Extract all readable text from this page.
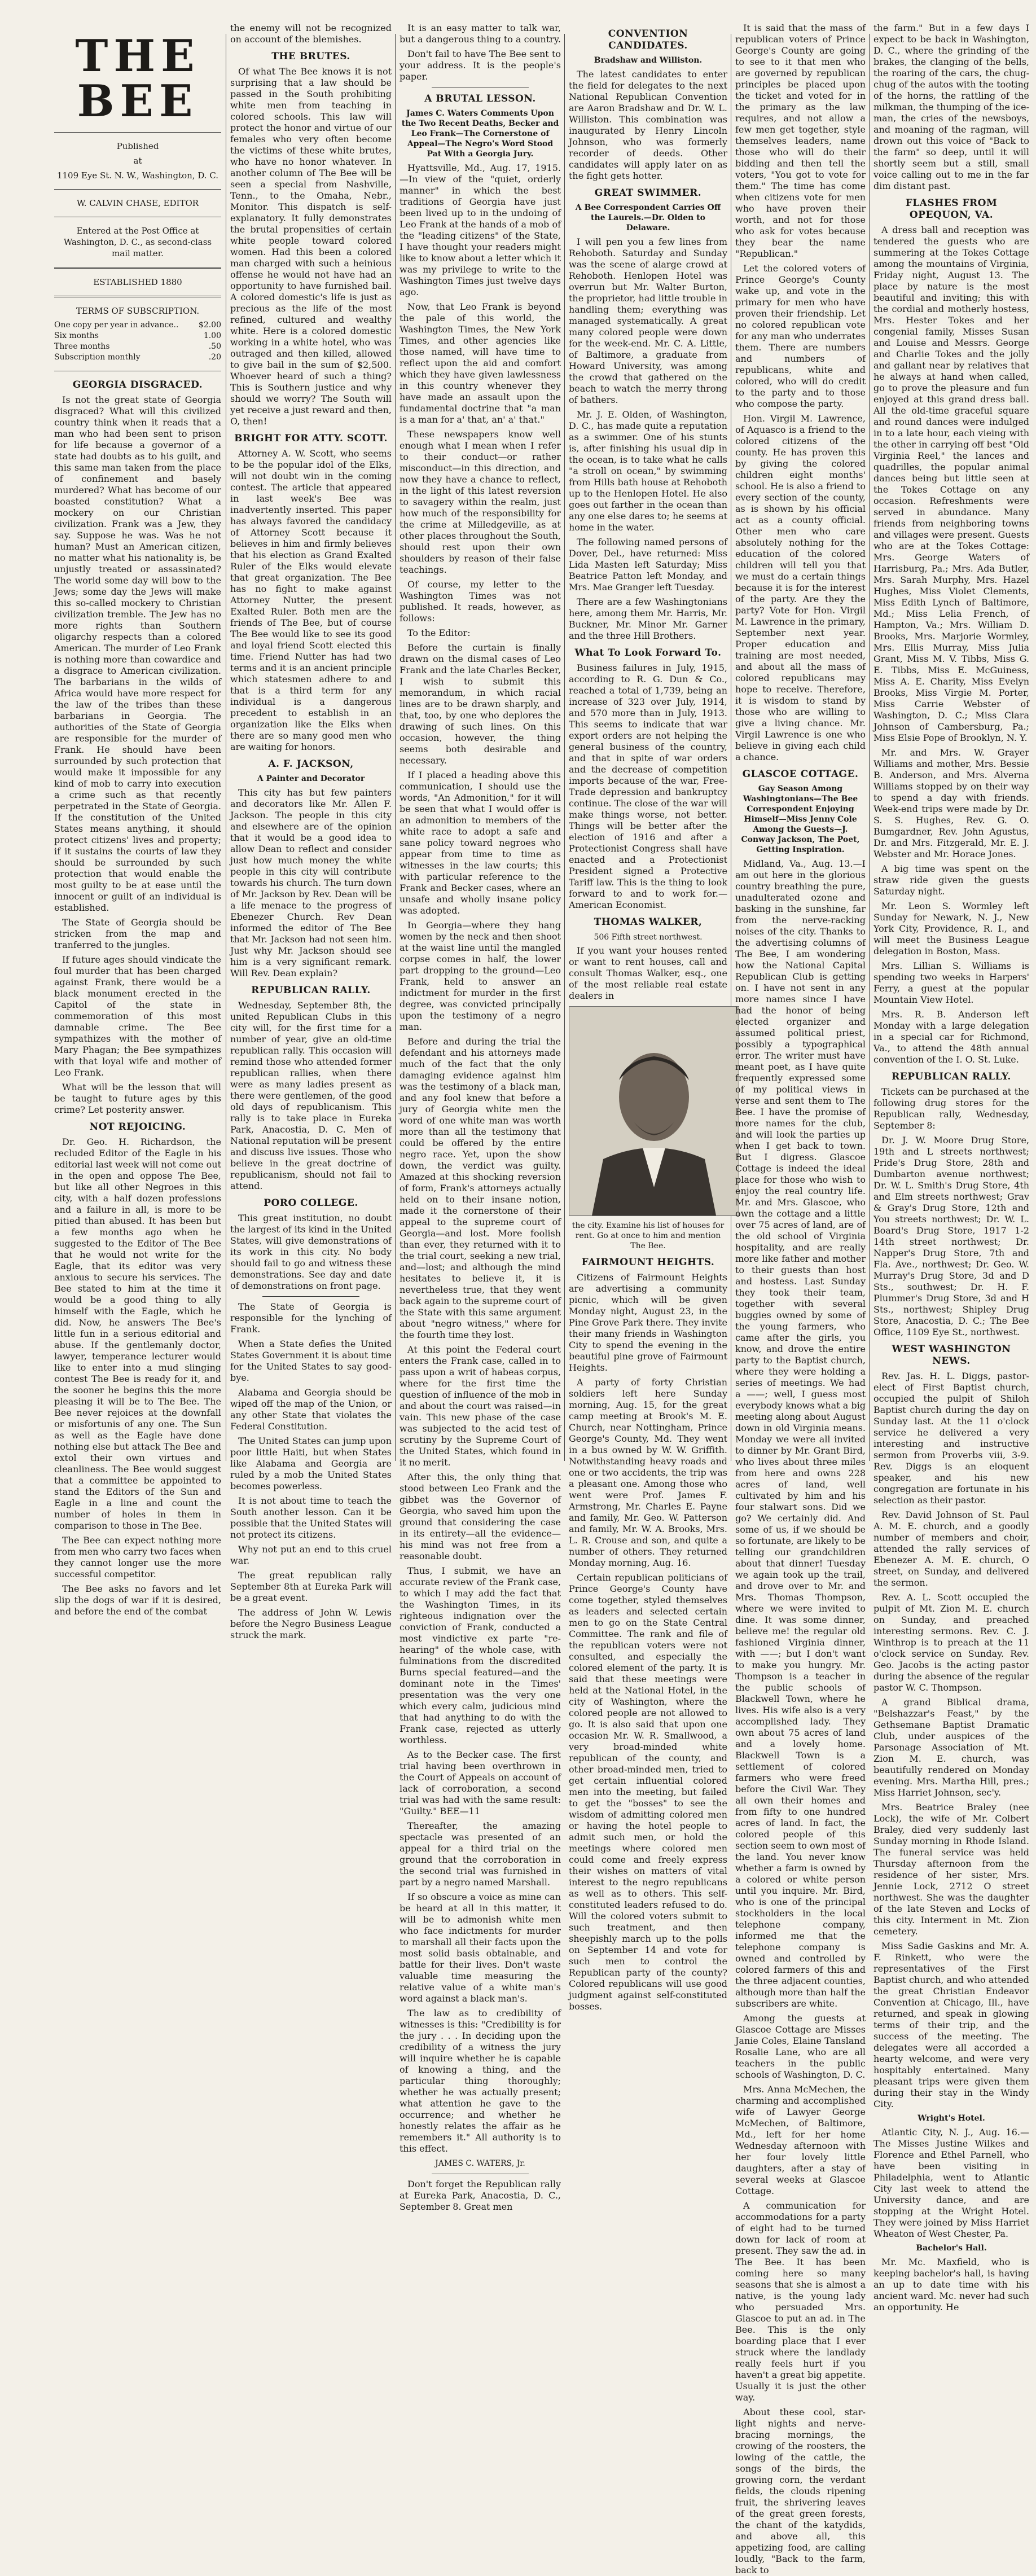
THE BEE
Published
at
1109 Eye St. N. W., Washington, D. C.
W. CALVIN CHASE, EDITOR
Entered at the Post Office at Washington, D. C., as second-class mail matter.
ESTABLISHED 1880
TERMS OF SUBSCRIPTION.
One copy per year in advance..	$2.00
Six months	1.00
Three months	.50
Subscription monthly	.20
GEORGIA DISGRACED.

Is not the great state of Georgia disgraced? What will this civilized country think when it reads that a man who had been sent to prison for life because a governor of a state had doubts as to his guilt, and this same man taken from the place of confinement and basely murdered? What has become of our boasted constitution? What a mockery on our Christian civilization. Frank was a Jew, they say. Suppose he was. Was he not human? Must an American citizen, no matter what his nationality is, be unjustly treated or assassinated? The world some day will bow to the Jews; some day the Jews will make this so-called mockery to Christian civilization tremble. The Jew has no more rights than Southern oligarchy respects than a colored American. The murder of Leo Frank is nothing more than cowardice and a disgrace to American civilization. The barbarians in the wilds of Africa would have more respect for the law of the tribes than these barbarians in Georgia. The authorities of the State of Georgia are responsible for the murder of Frank. He should have been surrounded by such protection that would make it impossible for any kind of mob to carry into execution a crime such as that recently perpetrated in the State of Georgia. If the constitution of the United States means anything, it should protect citizens' lives and property; if it sustains the courts of law they should be surrounded by such protection that would enable the most guilty to be at ease until the innocent or guilt of an individual is established.

The State of Georgia should be stricken from the map and tranferred to the jungles.

If future ages should vindicate the foul murder that has been charged against Frank, there would be a black monument erected in the Capitol of the state in commemoration of this most damnable crime. The Bee sympathizes with the mother of Mary Phagan; the Bee sympathizes with that loyal wife and mother of Leo Frank.

What will be the lesson that will be taught to future ages by this crime? Let posterity answer.

NOT REJOICING.

Dr. Geo. H. Richardson, the recluded Editor of the Eagle in his editorial last week will not come out in the open and oppose The Bee, but like all other Negroes in this city, with a half dozen professions and a failure in all, is more to be pitied than abused. It has been but a few months ago when he suggested to the Editor of The Bee that he would not write for the Eagle, that its editor was very anxious to secure his services. The Bee stated to him at the time it would be a good thing to ally himself with the Eagle, which he did. Now, he answers The Bee's little fun in a serious editorial and abuse. If the gentlemanly doctor, lawyer, temperance lecturer would like to enter into a mud slinging contest The Bee is ready for it, and the sooner he begins this the more pleasing it will be to The Bee. The Bee never rejoices at the downfall or misfortunis of any one. The Sun as well as the Eagle have done nothing else but attack The Bee and extol their own virtues and cleanliness. The Bee would suggest that a committee be appointed to stand the Editors of the Sun and Eagle in a line and count the number of holes in them in comparison to those in The Bee.

The Bee can expect nothing more from men who carry two faces when they cannot longer use the more successful competitor.

The Bee asks no favors and let slip the dogs of war if it is desired, and before the end of the combat

the enemy will not be recognized on account of the blemishes.

THE BRUTES.

Of what The Bee knows it is not surprising that a law should be passed in the South prohibiting white men from teaching in colored schools. This law will protect the honor and virtue of our females who very often become the victims of these white brutes, who have no honor whatever. In another column of The Bee will be seen a special from Nashville, Tenn., to the Omaha, Nebr., Monitor. This dispatch is self-explanatory. It fully demonstrates the brutal propensities of certain white people toward colored women. Had this been a colored man charged with such a heinious offense he would not have had an opportunity to have furnished bail. A colored domestic's life is just as precious as the life of the most refined, cultured and wealthy white. Here is a colored domestic working in a white hotel, who was outraged and then killed, allowed to give bail in the sum of $2,500. Whoever heard of such a thing? This is Southern justice and why should we worry? The South will yet receive a just reward and then, O, then!

BRIGHT FOR ATTY. SCOTT.

Attorney A. W. Scott, who seems to be the popular idol of the Elks, will not doubt win in the coming contest. The article that appeared in last week's Bee was inadvertently inserted. This paper has always favored the candidacy of Attorney Scott because it believes in him and firmly believes that his election as Grand Exalted Ruler of the Elks would elevate that great organization. The Bee has no fight to make against Attorney Nutter, the present Exalted Ruler. Both men are the friends of The Bee, but of course The Bee would like to see its good and loyal friend Scott elected this time. Friend Nutter has had two terms and it is an ancient principle which statesmen adhere to and that is a third term for any individual is a dangerous precedent to establish in an organization like the Elks when there are so many good men who are waiting for honors.

A. F. JACKSON,
A Painter and Decorator

This city has but few painters and decorators like Mr. Allen F. Jackson. The people in this city and elsewhere are of the opinion that it would be a good idea to allow Dean to reflect and consider just how much money the white people in this city will contribute towards his church. The turn down of Mr. Jackson by Rev. Dean will be a life menace to the progress of Ebenezer Church. Rev Dean informed the editor of The Bee that Mr. Jackson had not seen him. Just why Mr. Jackson should see him is a very significant remark. Will Rev. Dean explain?

REPUBLICAN RALLY.

Wednesday, September 8th, the united Republican Clubs in this city will, for the first time for a number of year, give an old-time republican rally. This occasion will remind those who attended former republican rallies, when there were as many ladies present as there were gentlemen, of the good old days of republicanism. This rally is to take place in Eureka Park, Anacostia, D. C. Men of National reputation will be present and discuss live issues. Those who believe in the great doctrine of republicanism, should not fail to attend.

PORO COLLEGE.

This great institution, no doubt the largest of its kind in the United States, will give demonstrations of its work in this city. No body should fail to go and witness these demonstrations. See day and date of demonstrations on front page.

The State of Georgia is responsible for the lynching of Frank.

When a State defies the United States Government it is about time for the United States to say good-bye.

Alabama and Georgia should be wiped off the map of the Union, or any other State that violates the Federal Constitution.

The United States can jump upon poor little Haiti, but when States like Alabama and Georgia are ruled by a mob the United States becomes powerless.

It is not about time to teach the South another lesson. Can it be possible that the United States will not protect its citizens.

Why not put an end to this cruel war.

The great republican rally September 8th at Eureka Park will be a great event.

The address of John W. Lewis before the Negro Business League struck the mark.

It is an easy matter to talk war, but a dangerous thing to a country.

Don't fail to have The Bee sent to your address. It is the people's paper.

A BRUTAL LESSON.
James C. Waters Comments Upon the Two Recent Deaths, Becker and Leo Frank—The Cornerstone of Appeal—The Negro's Word Stood Pat With a Georgia Jury.

Hyattsville, Md., Aug. 17, 1915.—In view of the "quiet, orderly manner" in which the best traditions of Georgia have just been lived up to in the undoing of Leo Frank at the hands of a mob of the "leading citizens" of the State, I have thought your readers might like to know about a letter which it was my privilege to write to the Washington Times just twelve days ago.

Now, that Leo Frank is beyond the pale of this world, the Washington Times, the New York Times, and other agencies like those named, will have time to reflect upon the aid and comfort which they have given lawlessness in this country whenever they have made an assault upon the fundamental doctrine that "a man is a man for a' that, an' a' that."

These newspapers know well enough what I mean when I refer to their conduct—or rather misconduct—in this direction, and now they have a chance to reflect, in the light of this latest reversion to savagery within the realm, just how much of the responsibility for the crime at Milledgeville, as at other places throughout the South, should rest upon their own shoulders by reason of their false teachings.

Of course, my letter to the Washington Times was not published. It reads, however, as follows:

To the Editor:

Before the curtain is finally drawn on the dismal cases of Leo Frank and the late Charles Becker, I wish to submit this memorandum, in which racial lines are to be drawn sharply, and that, too, by one who deplores the drawing of such lines. On this occasion, however, the thing seems both desirable and necessary.

If I placed a heading above this communication, I should use the words, "An Admonition," for it will be seen that what I would offer is an admonition to members of the white race to adopt a safe and sane policy toward negroes who appear from time to time as witnesses in the law courts; this with particular reference to the Frank and Becker cases, where an unsafe and wholly insane policy was adopted.

In Georgia—where they hang women by the neck and then shoot at the waist line until the mangled corpse comes in half, the lower part dropping to the ground—Leo Frank, held to answer an indictment for murder in the first degree, was convicted principally upon the testimony of a negro man.

Before and during the trial the defendant and his attorneys made much of the fact that the only damaging evidence against him was the testimony of a black man, and any fool knew that before a jury of Georgia white men the word of one white man was worth more than all the testimony that could be offered by the entire negro race. Yet, upon the show down, the verdict was guilty. Amazed at this shocking reversion of form, Frank's attorneys actually held on to their insane notion, made it the cornerstone of their appeal to the supreme court of Georgia—and lost. More foolish than ever, they returned with it to the trial court, seeking a new trial, and—lost; and although the mind hesitates to believe it, it is nevertheless true, that they went back again to the supreme court of the State with this same argument about "negro witness," where for the fourth time they lost.

At this point the Federal court enters the Frank case, called in to pass upon a writ of habeas corpus, where for the first time the question of influence of the mob in and about the court was raised—in vain. This new phase of the case was subjected to the acid test of scrutiny by the Supreme Court of the United States, which found in it no merit.

After this, the only thing that stood between Leo Frank and the gibbet was the Governor of Georgia, who saved him upon the ground that considering the case in its entirety—all the evidence—his mind was not free from a reasonable doubt.

Thus, I submit, we have an accurate review of the Frank case, to which I may add the fact that the Washington Times, in its righteous indignation over the conviction of Frank, conducted a most vindictive ex parte "re-hearing" of the whole case, with fulminations from the discredited Burns special featured—and the dominant note in the Times' presentation was the very one which every calm, judicious mind that had anything to do with the Frank case, rejected as utterly worthless.

As to the Becker case. The first trial having been overthrown in the Court of Appeals on account of lack of corroboration, a second trial was had with the same result: "Guilty." BEE—11

Thereafter, the amazing spectacle was presented of an appeal for a third trial on the ground that the corroboration in the second trial was furnished in part by a negro named Marshall.

If so obscure a voice as mine can be heard at all in this matter, it will be to admonish white men who face indictments for murder to marshall all their facts upon the most solid basis obtainable, and battle for their lives. Don't waste valuable time measuring the relative value of a white man's word against a black man's.

The law as to credibility of witnesses is this: "Credibility is for the jury . . . In deciding upon the credibility of a witness the jury will inquire whether he is capable of knowing a thing, and the particular thing thoroughly; whether he was actually present; what attention he gave to the occurrence; and whether he honestly relates the affair as he remembers it." All authority is to this effect.

JAMES C. WATERS, Jr.

Don't forget the Republican rally at Eureka Park, Anacostia, D. C., September 8. Great men

CONVENTION CANDIDATES.
Bradshaw and Williston.

The latest candidates to enter the field for delegates to the next National Republican Convention are Aaron Bradshaw and Dr. W. L. Williston. This combination was inaugurated by Henry Lincoln Johnson, who was formerly recorder of deeds. Other candidates will apply later on as the fight gets hotter.

GREAT SWIMMER.
A Bee Correspondent Carries Off the Laurels.—Dr. Olden to Delaware.

I will pen you a few lines from Rehoboth. Saturday and Sunday was the scene of alarge crowd at Rehoboth. Henlopen Hotel was overrun but Mr. Walter Burton, the proprietor, had little trouble in handling them; everything was managed systematically. A great many colored people were down for the week-end. Mr. C. A. Little, of Baltimore, a graduate from Howard University, was among the crowd that gathered on the beach to watch the merry throng of bathers.

Mr. J. E. Olden, of Washington, D. C., has made quite a reputation as a swimmer. One of his stunts is, after finishing his usual dip in the ocean, is to take what he calls "a stroll on ocean," by swimming from Hills bath house at Rehoboth up to the Henlopen Hotel. He also goes out farther in the ocean than any one else dares to; he seems at home in the water.

The following named persons of Dover, Del., have returned: Miss Lida Masten left Saturday; Miss Beatrice Patton left Monday, and Mrs. Mae Granger left Tuesday.

There are a few Washingtonians here, among them Mr. Harris, Mr. Buckner, Mr. Minor Mr. Garner and the three Hill Brothers.

What To Look Forward To.

Business failures in July, 1915, according to R. G. Dun & Co., reached a total of 1,739, being an increase of 323 over July, 1914, and 570 more than in July, 1913. This seems to indicate that war export orders are not helping the general business of the country, and that in spite of war orders and the decrease of competition imports because of the war, Free-Trade depression and bankruptcy continue. The close of the war will make things worse, not better. Things will be better after the election of 1916 and after a Protectionist Congress shall have enacted and a Protectionist President signed a Protective Tariff law. This is the thing to look forward to and to work for.—American Economist.

THOMAS WALKER,
506 Fifth street northwest.

If you want your houses rented or want to rent houses, call and consult Thomas Walker, esq., one of the most reliable real estate dealers in

the city. Examine his list of houses for rent. Go at once to him and mention The Bee.
FAIRMOUNT HEIGHTS.

Citizens of Fairmount Heights are advertising a community picnic, which will be given Monday night, August 23, in the Pine Grove Park there. They invite their many friends in Washington City to spend the evening in the beautiful pine grove of Fairmount Heights.

A party of forty Christian soldiers left here Sunday morning, Aug. 15, for the great camp meeting at Brook's M. E. Church, near Nottingham, Prince George's County, Md. They went in a bus owned by W. W. Griffith. Notwithstanding heavy roads and one or two accidents, the trip was a pleasant one. Among those who went were Prof. James F. Armstrong, Mr. Charles E. Payne and family, Mr. Geo. W. Patterson and family, Mr. W. A. Brooks, Mrs. L. R. Crouse and son, and quite a number of others. They returned Monday morning, Aug. 16.

Certain republican politicians of Prince George's County have come together, styled themselves as leaders and selected certain men to go on the State Central Committee. The rank and file of the republican voters were not consulted, and especially the colored element of the party. It is said that these meetings were held at the National Hotel, in the city of Washington, where the colored people are not allowed to go. It is also said that upon one occasion Mr. W. R. Smallwood, a very broad-minded white republican of the county, and other broad-minded men, tried to get certain influential colored men into the meeting, but failed to get the "bosses" to see the wisdom of admitting colored men or having the hotel people to admit such men, or hold the meetings where colored men could come and freely express their wishes on matters of vital interest to the negro republicans as well as to others. This self-constituted leaders refused to do. Will the colored voters submit to such treatment, and then sheepishly march up to the polls on September 14 and vote for such men to control the Republican party of the county? Colored republicans will use good judgment against self-constituted bosses.

It is said that the mass of republican voters of Prince George's County are going to see to it that men who are governed by republican principles be placed upon the ticket and voted for in the primary as the law requires, and not allow a few men get together, style themselves leaders, name those who will do their bidding and then tell the voters, "You got to vote for them." The time has come when citizens vote for men who have proven their worth, and not for those who ask for votes because they bear the name "Republican."

Let the colored voters of Prince George's County wake up, and vote in the primary for men who have proven their friendship. Let no colored republican vote for any man who underrates them. There are numbers and numbers of republicans, white and colored, who will do credit to the party and to those who compose the party.

Hon. Virgil M. Lawrence, of Aquasco is a friend to the colored citizens of the county. He has proven this by giving the colored children eight months' school. He is also a friend to every section of the county, as is shown by his official act as a county official. Other men who care absolutely nothing for the education of the colored children will tell you that we must do a certain things because it is for the interest of the party. Are they the party? Vote for Hon. Virgil M. Lawrence in the primary, September next year. Proper education and training are most needed, and about all the mass of colored republicans may hope to receive. Therefore, it is wisdom to stand by those who are willing to give a living chance. Mr. Virgil Lawrence is one who believe in giving each child a chance.

GLASCOE COTTAGE.
Gay Season Among Washingtonians—The Bee Correspondent Enjoying Himself—Miss Jenny Cole Among the Guests—J. Conway Jackson, The Poet, Getting Inspiration.

Midland, Va., Aug. 13.—I am out here in the glorious country breathing the pure, unadulterated ozone and basking in the sunshine, far from the nerve-racking noises of the city. Thanks to the advertising columns of The Bee, I am wondering how the National Capital Republican Club is getting on. I have not sent in any more names since I have had the honor of being elected organizer and assumed political priest, possibly a typographical error. The writer must have meant poet, as I have quite frequently expressed some of my political views in verse and sent them to The Bee. I have the promise of more names for the club, and will look the parties up when I get back to town. But I digress. Glascoe Cottage is indeed the ideal place for those who wish to enjoy the real country life. Mr. and Mrs. Glascoe, who own the cottage and a little over 75 acres of land, are of the old school of Virginia hospitality, and are really more like father and mother to their guests than host and hostess. Last Sunday they took their team, together with several buggies owned by some of the young farmers, who came after the girls, you know, and drove the entire party to the Baptist church, where they were holding a series of meetings. We had a ——; well, I guess most everybody knows what a big meeting along about August down in old Virginia means. Monday we were all invited to dinner by Mr. Grant Bird, who lives about three miles from here and owns 228 acres of land, well cultivated by him and his four stalwart sons. Did we go? We certainly did. And some of us, if we should be so fortunate, are likely to be telling our grandchildren about that dinner! Tuesday we again took up the trail, and drove over to Mr. and Mrs. Thomas Thompson, where we were invited to dine. It was some dinner, believe me! the regular old fashioned Virginia dinner, with ——; but I don't want to make you hungry. Mr. Thompson is a teacher in the public schools of Blackwell Town, where he lives. His wife also is a very accomplished lady. They own about 75 acres of land and a lovely home. Blackwell Town is a settlement of colored farmers who were freed before the Civil War. They all own their homes and from fifty to one hundred acres of land. In fact, the colored people of this section seem to own most of the land. You never know whether a farm is owned by a colored or white person until you inquire. Mr. Bird, who is one of the principal stockholders in the local telephone company, informed me that the telephone company is owned and controlled by colored farmers of this and the three adjacent counties, although more than half the subscribers are white.

Among the guests at Glascoe Cottage are Misses Janie Coles, Elaine Tansland Rosalie Lane, who are all teachers in the public schools of Washington, D. C.

Mrs. Anna McMechen, the charming and accomplished wife of Lawyer George McMechen, of Baltimore, Md., left for her home Wednesday afternoon with her four lovely little daughters, after a stay of several weeks at Glascoe Cottage.

A communication for accommodations for a party of eight had to be turned down for lack of room at present. They saw the ad. in The Bee. It has been coming here so many seasons that she is almost a native, is the young lady who persuaded Mrs. Glascoe to put an ad. in The Bee. This is the only boarding place that I ever struck where the landlady really feels hurt if you haven't a great big appetite. Usually it is just the other way.

About these cool, star-light nights and nerve-bracing mornings, the crowing of the roosters, the lowing of the cattle, the songs of the birds, the growing corn, the verdant fields, the clouds ripening fruit, the shrivering leaves of the great green forests, the chant of the katydids, and above all, this appetizing food, are calling loudly, "Back to the farm, back to

the farm." But in a few days I expect to be back in Washington, D. C., where the grinding of the brakes, the clanging of the bells, the roaring of the cars, the chug-chug of the autos with the tooting of the horns, the rattling of the milkman, the thumping of the ice-man, the cries of the newsboys, and moaning of the ragman, will drown out this voice of "Back to the farm" so deep, until it will shortly seem but a still, small voice calling out to me in the far dim distant past.

FLASHES FROM OPEQUON, VA.

A dress ball and reception was tendered the guests who are summering at the Tokes Cottage among the mountains of Virginia, Friday night, August 13. The place by nature is the most beautiful and inviting; this with the cordial and motherly hostess, Mrs. Hester Tokes and her congenial family, Misses Susan and Louise and Messrs. George and Charlie Tokes and the jolly and gallant near by relatives that he always at hand when called, go to prove the pleasure and fun enjoyed at this grand dress ball. All the old-time graceful square and round dances were indulged in to a late hour, each vieing with the other in carrying off best "Old Virginia Reel," the lances and quadrilles, the popular animal dances being but little seen at the Tokes Cottage on any occasion. Refreshments were served in abundance. Many friends from neighboring towns and villages were present. Guests who are at the Tokes Cottage: Mrs. George Waters of Harrisburg, Pa.; Mrs. Ada Butler, Mrs. Sarah Murphy, Mrs. Hazel Hughes, Miss Violet Clements, Miss Edith Lynch of Baltimore, Md.; Miss Lelia French, of Hampton, Va.; Mrs. William D. Brooks, Mrs. Marjorie Wormley, Mrs. Ellis Murray, Miss Julia Grant, Miss M. V. Tibbs, Miss G. E. Tibbs, Miss E. McGuiness, Miss A. E. Charity, Miss Evelyn Brooks, Miss Virgie M. Porter, Miss Carrie Webster of Washington, D. C.; Miss Clara Johnson of Cambersburg, Pa.; Miss Elsie Pope of Brooklyn, N. Y.

Mr. and Mrs. W. Grayer Williams and mother, Mrs. Bessie B. Anderson, and Mrs. Alverna Williams stopped by on their way to spend a day with friends. Week-end trips were made by Dr. S. S. Hughes, Rev. G. O. Bumgardner, Rev. John Agustus, Dr. and Mrs. Fitzgerald, Mr. E. J. Webster and Mr. Horace Jones.

A big time was spent on the straw ride given the guests Saturday night.

Mr. Leon S. Wormley left Sunday for Newark, N. J., New York City, Providence, R. I., and will meet the Business League delegation in Boston, Mass.

Mrs. Lillian S. Williams is spending two weeks in Harpers' Ferry, a guest at the popular Mountain View Hotel.

Mrs. R. B. Anderson left Monday with a large delegation in a special car for Richmond, Va., to attend the 48th annual convention of the I. O. St. Luke.

REPUBLICAN RALLY.

Tickets can be purchased at the following drug stores for the Republican rally, Wednesday, September 8:

Dr. J. W. Moore Drug Store, 19th and L streets northwest; Pride's Drug Store, 28th and Dumbarton avenue northwest; Dr. W. L. Smith's Drug Store, 4th and Elm streets northwest; Grav & Gray's Drug Store, 12th and You streets northwest; Dr. W. L. Board's Drug Store, 1917 1-2 14th street northwest; Dr. Napper's Drug Store, 7th and Fla. Ave., northwest; Dr. Geo. W. Murray's Drug Store, 3d and D Sts., southwest; Dr. H. F. Plummer's Drug Store, 3d and H Sts., northwest; Shipley Drug Store, Anacostia, D. C.; The Bee Office, 1109 Eye St., northwest.

WEST WASHINGTON NEWS.

Rev. Jas. H. L. Diggs, pastor-elect of First Baptist church, occupied the pulpit of Shiloh Baptist church during the day on Sunday last. At the 11 o'clock service he delivered a very interesting and instructive sermon from Proverbs viii, 3-9. Rev. Diggs is an eloquent speaker, and his new congregation are fortunate in his selection as their pastor.

Rev. David Johnson of St. Paul A. M. E. church, and a goodly number of members and choir, attended the rally services of Ebenezer A. M. E. church, O street, on Sunday, and delivered the sermon.

Rev. A. L. Scott occupied the pulpit of Mt. Zion M. E. church on Sunday, and preached interesting sermons. Rev. C. J. Winthrop is to preach at the 11 o'clock service on Sunday. Rev. Geo. Jacobs is the acting pastor during the absence of the regular pastor W. C. Thompson.

A grand Biblical drama, "Belshazzar's Feast," by the Gethsemane Baptist Dramatic Club, under auspices of the Parsonage Association of Mt. Zion M. E. church, was beautifully rendered on Monday evening. Mrs. Martha Hill, pres.; Miss Harriet Johnson, sec'y.

Mrs. Beatrice Braley (nee Lock), the wife of Mr. Colbert Braley, died very suddenly last Sunday morning in Rhode Island. The funeral service was held Thursday afternoon from the residence of her sister, Mrs. Jennie Lock, 2712 O street northwest. She was the daughter of the late Steven and Locks of this city. Interment in Mt. Zion cemetery.

Miss Sadie Gaskins and Mr. A. F. Rinkett, who were the representatives of the First Baptist church, and who attended the great Christian Endeavor Convention at Chicago, Ill., have returned, and speak in glowing terms of their trip, and the success of the meeting. The delegates were all accorded a hearty welcome, and were very hospitably entertained. Many pleasant trips were given them during their stay in the Windy City.

Wright's Hotel.

Atlantic City, N. J., Aug. 16.—The Misses Justine Wilkes and Florence and Ethel Parnell, who have been visiting in Philadelphia, went to Atlantic City last week to attend the University dance, and are stopping at the Wright Hotel. They were joined by Miss Harriet Wheaton of West Chester, Pa.

Bachelor's Hall.

Mr. Mc. Maxfield, who is keeping bachelor's hall, is having an up to date time with his ancient ward. Mc. never had such an opportunity. He
